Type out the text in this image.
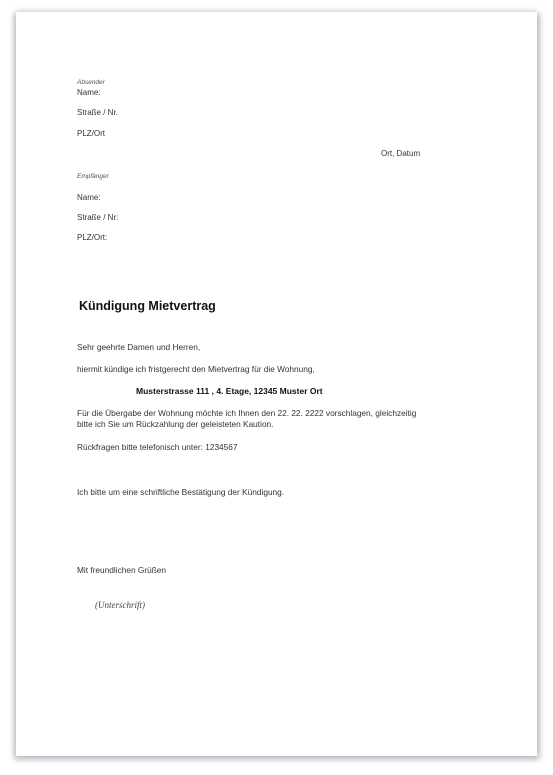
Absender
Name:
Straße / Nr.
PLZ/Ort
Ort, Datum
Empfänger
Name:
Straße / Nr:
PLZ/Ort:
Kündigung Mietvertrag
Sehr geehrte Damen und Herren,
hiermit kündige ich fristgerecht den Mietvertrag für die Wohnung,
Musterstrasse 111 , 4. Etage, 12345 Muster Ort
Für die Übergabe der Wohnung möchte ich Ihnen den 22. 22. 2222 vorschlagen, gleichzeitig
bitte ich Sie um Rückzahlung der geleisteten Kaution.
Rückfragen bitte telefonisch unter: 1234567
Ich bitte um eine schriftliche Bestätigung der Kündigung.
Mit freundlichen Grüßen
(Unterschrift)
